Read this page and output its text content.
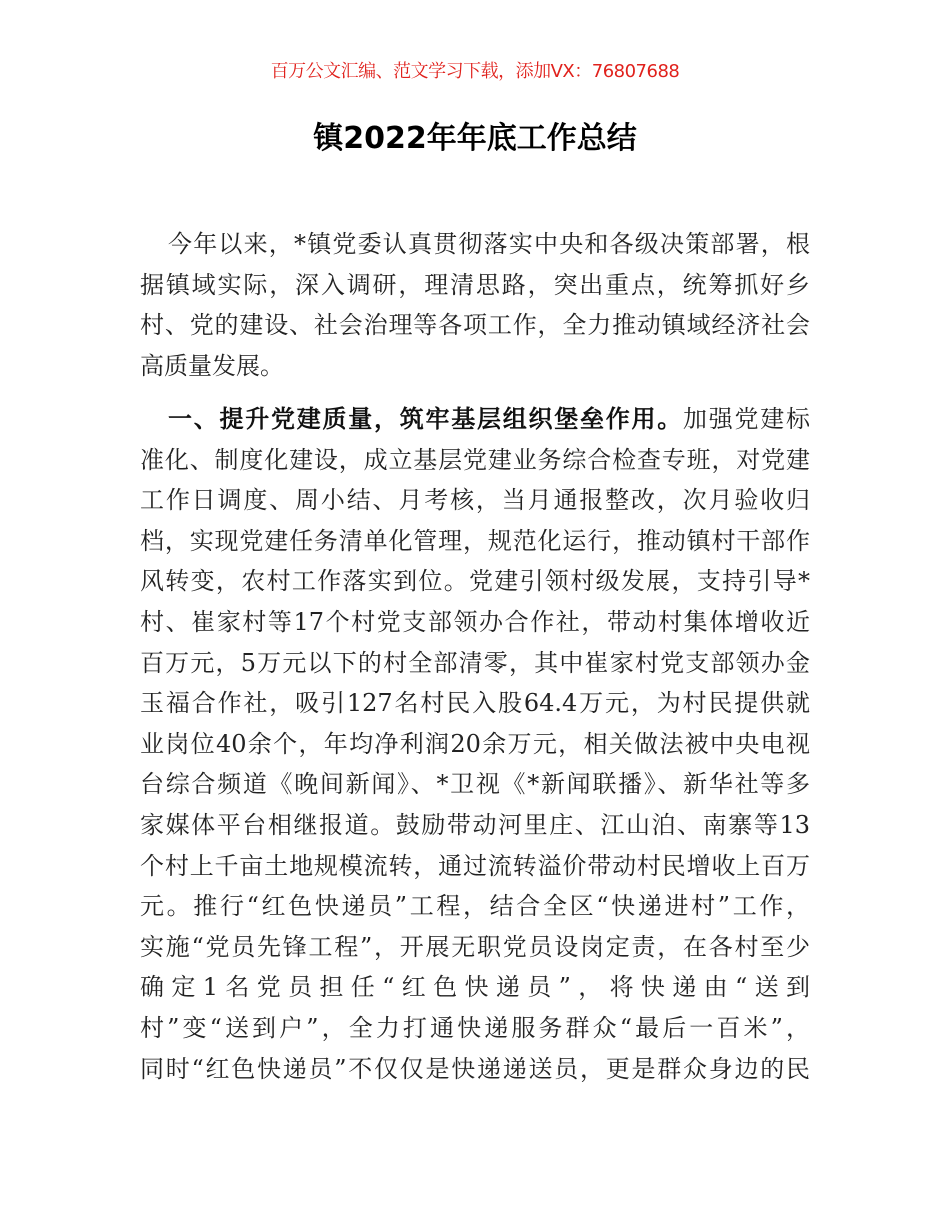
百万公文汇编、范文学习下载，添加VX：76807688
镇2022年年底工作总结
今年以来，*镇党委认真贯彻落实中央和各级决策部署，根
据镇域实际，深入调研，理清思路，突出重点，统筹抓好乡
村、党的建设、社会治理等各项工作，全力推动镇域经济社会
高质量发展。
一、提升党建质量，筑牢基层组织堡垒作用。加强党建标
准化、制度化建设，成立基层党建业务综合检查专班，对党建
工作日调度、周小结、月考核，当月通报整改，次月验收归
档，实现党建任务清单化管理，规范化运行，推动镇村干部作
风转变，农村工作落实到位。党建引领村级发展，支持引导*
村、崔家村等17个村党支部领办合作社，带动村集体增收近
百万元，5万元以下的村全部清零，其中崔家村党支部领办金
玉福合作社，吸引127名村民入股64.4万元，为村民提供就
业岗位40余个，年均净利润20余万元，相关做法被中央电视
台综合频道《晚间新闻》、*卫视《*新闻联播》、新华社等多
家媒体平台相继报道。鼓励带动河里庄、江山泊、南寨等13
个村上千亩土地规模流转，通过流转溢价带动村民增收上百万
元。推行“红色快递员”工程，结合全区“快递进村”工作，
实施“党员先锋工程”，开展无职党员设岗定责，在各村至少
确定1名党员担任“红色快递员”，将快递由“送到
村”变“送到户”，全力打通快递服务群众“最后一百米”，
同时“红色快递员”不仅仅是快递递送员，更是群众身边的民
